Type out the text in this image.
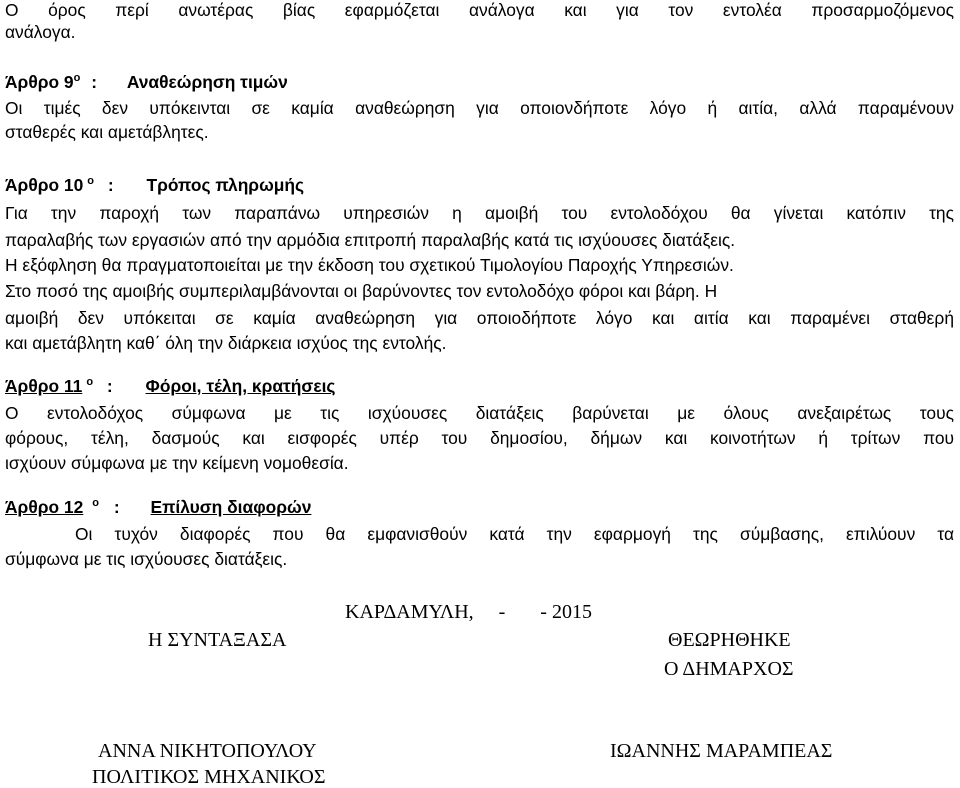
Ο όρος περί ανωτέρας βίας εφαρμόζεται ανάλογα και για τον εντολέα προσαρμοζόμενος
ανάλογα.
Άρθρο $9^o$ : Αναθεώρηση τιμών
Οι τιμές δεν υπόκεινται σε καμία αναθεώρηση για οποιονδήποτε λόγο ή αιτία, αλλά παραμένουν
σταθερές και αμετάβλητες.
Άρθρο 10 $^o$ : Τρόπος πληρωμής
Για την παροχή των παραπάνω υπηρεσιών η αμοιβή του εντολοδόχου θα γίνεται κατόπιν της
παραλαβής των εργασιών από την αρμόδια επιτροπή παραλαβής κατά τις ισχύουσες διατάξεις.
Η εξόφληση θα πραγματοποιείται με την έκδοση του σχετικού Τιμολογίου Παροχής Υπηρεσιών.
Στο ποσό της αμοιβής συμπεριλαμβάνονται οι βαρύνοντες τον εντολοδόχο φόροι και βάρη. Η
αμοιβή δεν υπόκειται σε καμία αναθεώρηση για οποιοδήποτε λόγο και αιτία και παραμένει σταθερή
και αμετάβλητη καθ΄ όλη την διάρκεια ισχύος της εντολής.
Άρθρο 11 $^o$ : Φόροι, τέλη, κρατήσεις
Ο εντολοδόχος σύμφωνα με τις ισχύουσες διατάξεις βαρύνεται με όλους ανεξαιρέτως τους
φόρους, τέλη, δασμούς και εισφορές υπέρ του δημοσίου, δήμων και κοινοτήτων ή τρίτων που
ισχύουν σύμφωνα με την κείμενη νομοθεσία.
Άρθρο 12 $^o$ : Επίλυση διαφορών
Οι τυχόν διαφορές που θα εμφανισθούν κατά την εφαρμογή της σύμβασης, επιλύουν τα
σύμφωνα με τις ισχύουσες διατάξεις.
ΚΑΡΔΑΜΥΛΗ,     -       - 2015
Η ΣΥΝΤΑΞΑΣΑ	ΘΕΩΡΗΘΗΚΕ
Ο ΔΗΜΑΡΧΟΣ
ΑΝΝΑ ΝΙΚΗΤΟΠΟΥΛΟΥ
ΠΟΛΙΤΙΚΟΣ ΜΗΧΑΝΙΚΟΣ
ΙΩΑΝΝΗΣ ΜΑΡΑΜΠΕΑΣ
